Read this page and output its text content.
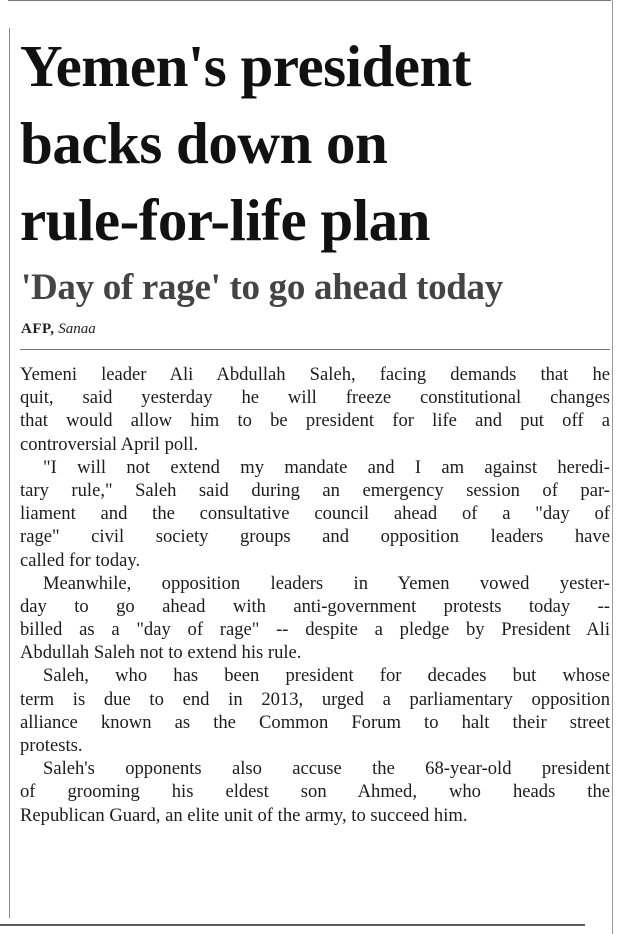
Yemen's president
backs down on
rule-for-life plan
'Day of rage' to go ahead today
AFP, Sanaa
Yemeni leader Ali Abdullah Saleh, facing demands that he
quit, said yesterday he will freeze constitutional changes
that would allow him to be president for life and put off a
controversial April poll.
"I will not extend my mandate and I am against heredi-
tary rule," Saleh said during an emergency session of par-
liament and the consultative council ahead of a "day of
rage" civil society groups and opposition leaders have
called for today.
Meanwhile, opposition leaders in Yemen vowed yester-
day to go ahead with anti-government protests today --
billed as a "day of rage" -- despite a pledge by President Ali
Abdullah Saleh not to extend his rule.
Saleh, who has been president for decades but whose
term is due to end in 2013, urged a parliamentary opposition
alliance known as the Common Forum to halt their street
protests.
Saleh's opponents also accuse the 68-year-old president
of grooming his eldest son Ahmed, who heads the
Republican Guard, an elite unit of the army, to succeed him.
